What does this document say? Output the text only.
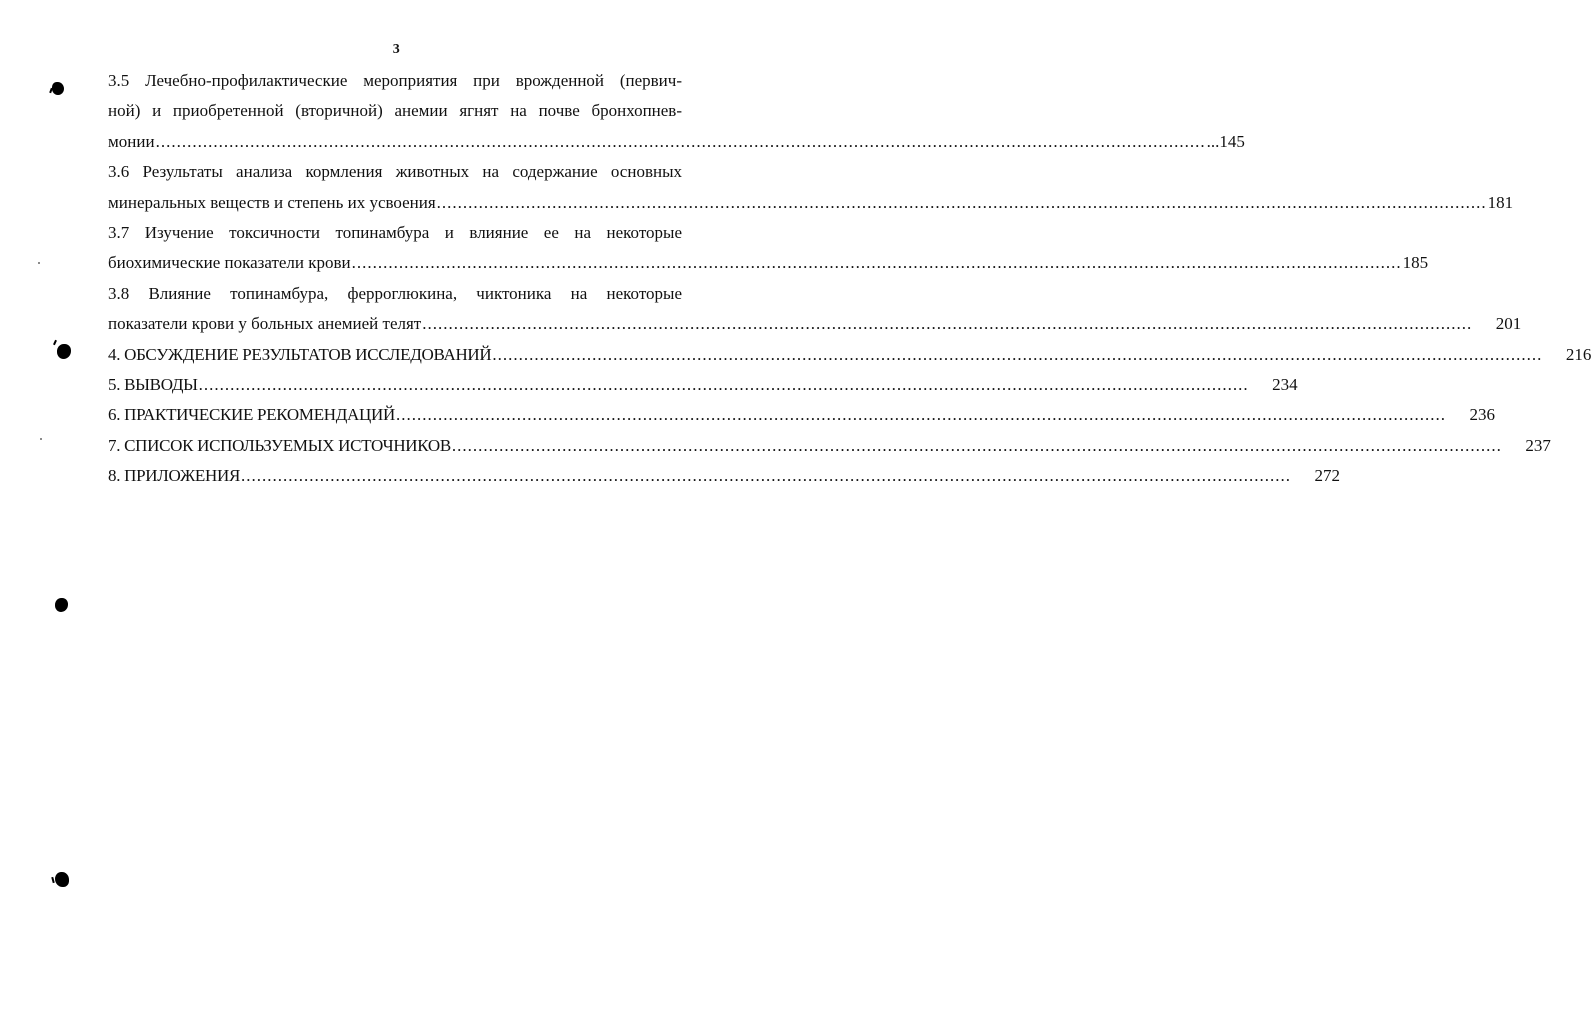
3
3.5 Лечебно-профилактические мероприятия при врожденной (первич-
ной) и приобретенной (вторичной) анемии ягнят на почве бронхопнев-
монии ........................................................................................................................................................................................................ ...145
3.6 Результаты анализа кормления животных на содержание основных
минеральных веществ и степень их усвоения ........................................................................................................................................................................................................ 181
3.7 Изучение токсичности топинамбура и влияние ее на некоторые
биохимические показатели крови ........................................................................................................................................................................................................ 185
3.8 Влияние топинамбура, ферроглюкина, чиктоника на некоторые
показатели крови у больных анемией телят ........................................................................................................................................................................................................	201
4. ОБСУЖДЕНИЕ РЕЗУЛЬТАТОВ ИССЛЕДОВАНИЙ ........................................................................................................................................................................................................	216
5. ВЫВОДЫ ........................................................................................................................................................................................................	234
6. ПРАКТИЧЕСКИЕ РЕКОМЕНДАЦИЙ ........................................................................................................................................................................................................	236
7. СПИСОК ИСПОЛЬЗУЕМЫХ ИСТОЧНИКОВ ........................................................................................................................................................................................................	237
8. ПРИЛОЖЕНИЯ ........................................................................................................................................................................................................	272
